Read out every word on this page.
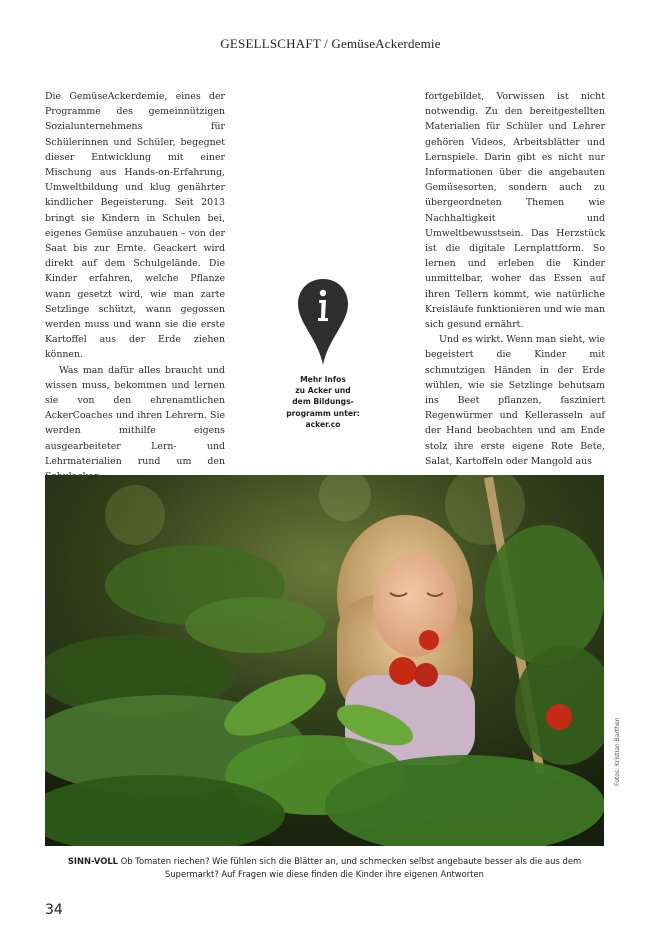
GESELLSCHAFT / GemüseAckerdemie

Die GemüseAckerdemie, eines der Programme des gemeinnützigen Sozialunternehmens für Schülerinnen und Schüler, begegnet dieser Entwicklung mit einer Mischung aus Hands-on-Erfahrung, Umweltbildung und klug genährter kindlicher Begeisterung. Seit 2013 bringt sie Kindern in Schulen bei, eigenes Gemüse anzubauen – von der Saat bis zur Ernte. Geackert wird direkt auf dem Schulgelände. Die Kinder erfahren, welche Pflanze wann gesetzt wird, wie man zarte Setzlinge schützt, wann gegossen werden muss und wann sie die erste Kartoffel aus der Erde ziehen können.

Was man dafür alles braucht und wissen muss, bekommen und lernen sie von den ehrenamtlichen AckerCoaches und ihren Lehrern. Sie werden mithilfe eigens ausgearbeiteter Lern- und Lehrmaterialien rund um den

fortgebildet, Vorwissen ist nicht notwendig. Zu den bereitgestellten Materialien für Schüler und Lehrer gehören Videos, Arbeitsblätter und Lernspiele. Darin gibt es nicht nur Informationen über die angebauten Gemüsesorten, sondern auch zu übergeordneten Themen wie Nachhaltigkeit und Umweltbewusstsein. Das Herzstück ist die digitale Lernplattform. So lernen und erleben die Kinder unmittelbar, woher das Essen auf ihren Tellern kommt, wie natürliche Kreisläufe funktionieren und wie man sich gesund ernährt.

Und es wirkt. Wenn man sieht, wie begeistert die Kinder mit schmutzigen Händen in der Erde wühlen, wie sie Setzlinge behutsam ins Beet pflanzen, fasziniert Regenwürmer und Kellerasseln auf der Hand beobachten und am Ende stolz ihre erste eigene Rote Bete, Salat, Kartoffeln oder Mangold aus

Mehr Infos
zu Acker und
dem Bildungs-
programm unter:
acker.co
Fotos: Kristian Barthen
SINN-VOLL Ob Tomaten riechen? Wie fühlen sich die Blätter an, und schmecken selbst angebaute besser als die aus dem Supermarkt? Auf Fragen wie diese finden die Kinder ihre eigenen Antworten
34
